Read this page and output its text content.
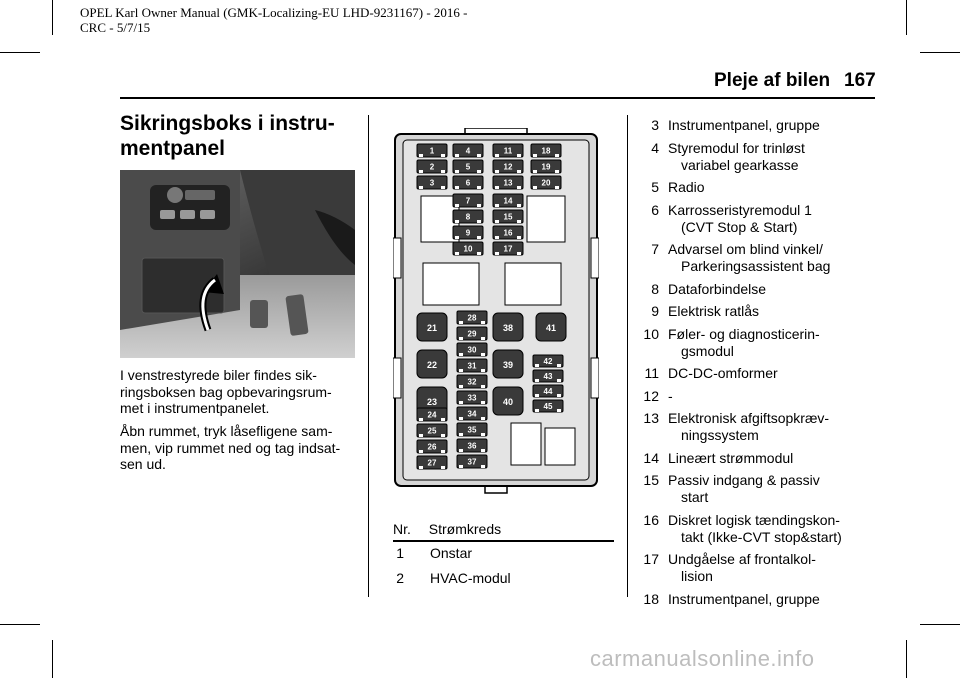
OPEL Karl Owner Manual (GMK-Localizing-EU LHD-9231167) - 2016 -
CRC - 5/7/15
Pleje af bilen 167
Sikringsboks i instru-
mentpanel
I venstrestyrede biler findes sik-
ringsboksen bag opbevaringsrum-
met i instrumentpanelet.
Åbn rummet, tryk låsefligene sam-
men, vip rummet ned og tag indsat-
sen ud.
1
2
3
4
5
6
11
12
13
18
19
20
7
8
9
10
14
15
16
17
21
22
23
28
29
30
31
32
33
34
35
36
37
38
39
40
41
42
43
44
45
24
25
26
27
Nr. Strømkreds
1 Onstar
2 HVAC-modul
3 Instrumentpanel, gruppe
4 Styremodul for trinløst
variabel gearkasse
5 Radio
6 Karrosseristyremodul 1
(CVT Stop & Start)
7 Advarsel om blind vinkel/
Parkeringsassistent bag
8 Dataforbindelse
9 Elektrisk ratlås
10 Føler- og diagnosticerin-
gsmodul
11 DC-DC-omformer
12 -
13 Elektronisk afgiftsopkræv-
ningssystem
14 Lineært strømmodul
15 Passiv indgang & passiv
start
16 Diskret logisk tændingskon-
takt (Ikke-CVT stop&start)
17 Undgåelse af frontalkol-
lision
18 Instrumentpanel, gruppe
carmanualsonline.info
